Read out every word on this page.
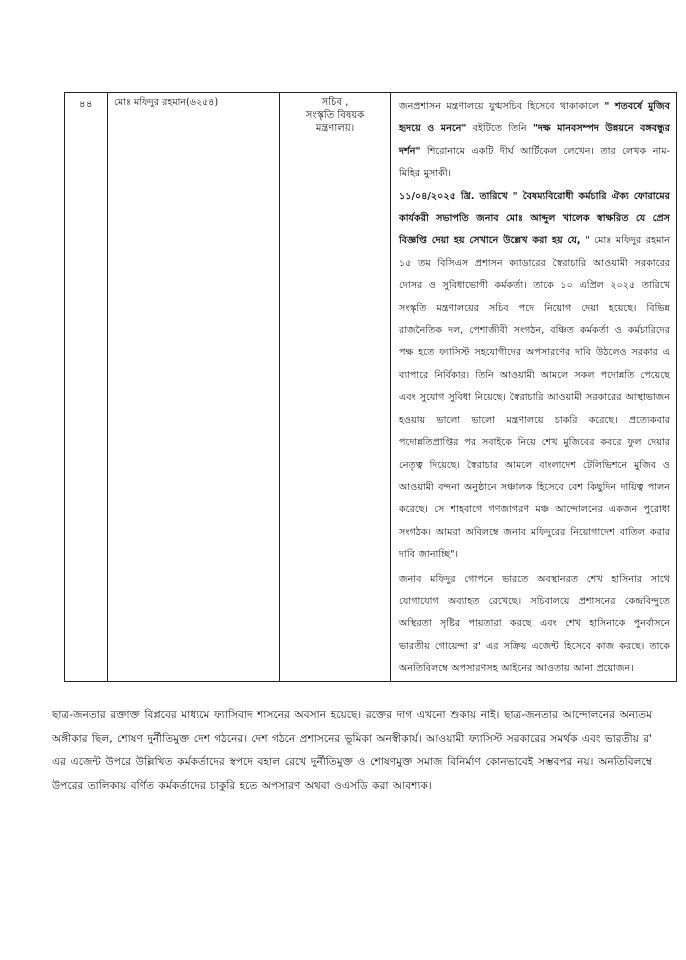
৪৪	মোঃ মফিদুর রহমান(৬২৫৪)	সচিব ,
সংস্কৃতি বিষয়ক
মন্ত্রণালয়।

জনপ্রশাসন মন্ত্রণালয়ে যুগ্মসচিব হিসেবে থাকাকালে " শতবর্ষে মুজিব হৃদয়ে ও মননে" বইটিতে তিনি "দক্ষ মানবসম্পদ উন্নয়নে বঙ্গবন্ধুর দর্শন" শিরোনামে একটি দীর্ঘ আর্টিকেল লেখেন। তার লেখক নাম- মিহির মুসাকী।

১১/০৪/২০২৫ খ্রি. তারিখে " বৈষম্যবিরোধী কর্মচারি ঐক্য ফোরামের কার্যকরী সভাপতি জনাব মোঃ আব্দুল খালেক স্বাক্ষরিত যে প্রেস বিজ্ঞপ্তি দেয়া হয় সেখানে উল্লেখ করা হয় যে, " মোঃ মফিদুর রহমান ১৫ তম বিসিএস প্রশাসন ক্যাডারের স্বৈরাচারি আওয়ামী সরকারের দোসর ও সুবিধাভোগী কর্মকর্তা। তাকে ১০ এপ্রিল ২০২৫ তারিখে সংস্কৃতি মন্ত্রণালয়ের সচিব পদে নিয়োগ দেয়া হয়েছে। বিভিন্ন রাজনৈতিক দল, পেশাজীবী সংগঠন, বঞ্চিত কর্মকর্তা ও কর্মচারিদের পক্ষ হতে ফ্যাসিস্ট সহযোগীদের অপসারণের দাবি উঠলেও সরকার এ ব্যাপারে নির্বিকার। তিনি আওয়ামী আমলে সকল পদোন্নতি পেয়েছে এবং সুযোগ সুবিধা নিয়েছে। স্বৈরাচারি আওয়ামী সরকারের আস্থাভাজন হওয়ায় ভালো ভালো মন্ত্রণালয়ে চাকরি করেছে। প্রত্যেকবার পদোন্নতিপ্রাপ্তির পর সবাইকে নিয়ে শেখ মুজিবের কবরে ফুল দেয়ার নেতৃত্ব দিয়েছে। স্বৈরাচার আমলে বাংলাদেশ টেলিভিশনে মুজিব ও আওয়ামী বন্দনা অনুষ্ঠানে সঞ্চালক হিসেবে বেশ কিছুদিন দায়িত্ব পালন করেছে। সে শাহবাগে গণজাগরণ মঞ্চ আন্দোলনের একজন পুরোধা সংগঠক। আমরা অবিলম্বে জনাব মফিদুরের নিয়োগাদেশ বাতিল করার দাবি জানাচ্ছি"।

জনাব মফিদুর গোপনে ভারতে অবস্থানরত শেখ হাসিনার সাথে যোগাযোগ অব্যাহত রেখেছে। সচিবালয়ে প্রশাসনের কেন্দ্রবিন্দুতে অস্থিরতা সৃষ্টির পায়তারা করছে এবং শেখ হাসিনাকে পুনর্বাসনে ভারতীয় গোয়েন্দা র' এর সক্রিয় এজেন্ট হিসেবে কাজ করছে। তাকে অনতিবিলম্বে অপসারণসহ আইনের আওতায় আনা প্রয়োজন।

ছাত্র-জনতার রক্তাক্ত বিপ্লবের মাধ্যমে ফ্যাসিবাদ শাসনের অবসান হয়েছে। রক্তের দাগ এখনো শুকায় নাই। ছাত্র-জনতার আন্দোলনের অন্যতম অঙ্গীকার ছিল, শোষণ দুর্নীতিমুক্ত দেশ গঠনের। দেশ গঠনে প্রশাসনের ভূমিকা অনস্বীকার্য। আওয়ামী ফ্যাসিস্ট সরকারের সমর্থক এবং ভারতীয় র' এর এজেন্ট উপরে উল্লিখিত কর্মকর্তাদের স্বপদে বহাল রেখে দুর্নীতিমুক্ত ও শোষণমুক্ত সমাজ বিনির্মাণ কোনভাবেই সম্ভবপর নয়। অনতিবিলম্বে উপরের তালিকায় বর্ণিত কর্মকর্তাদের চাকুরি হতে অপসারণ অথবা ওএসডি করা আবশ্যক।
